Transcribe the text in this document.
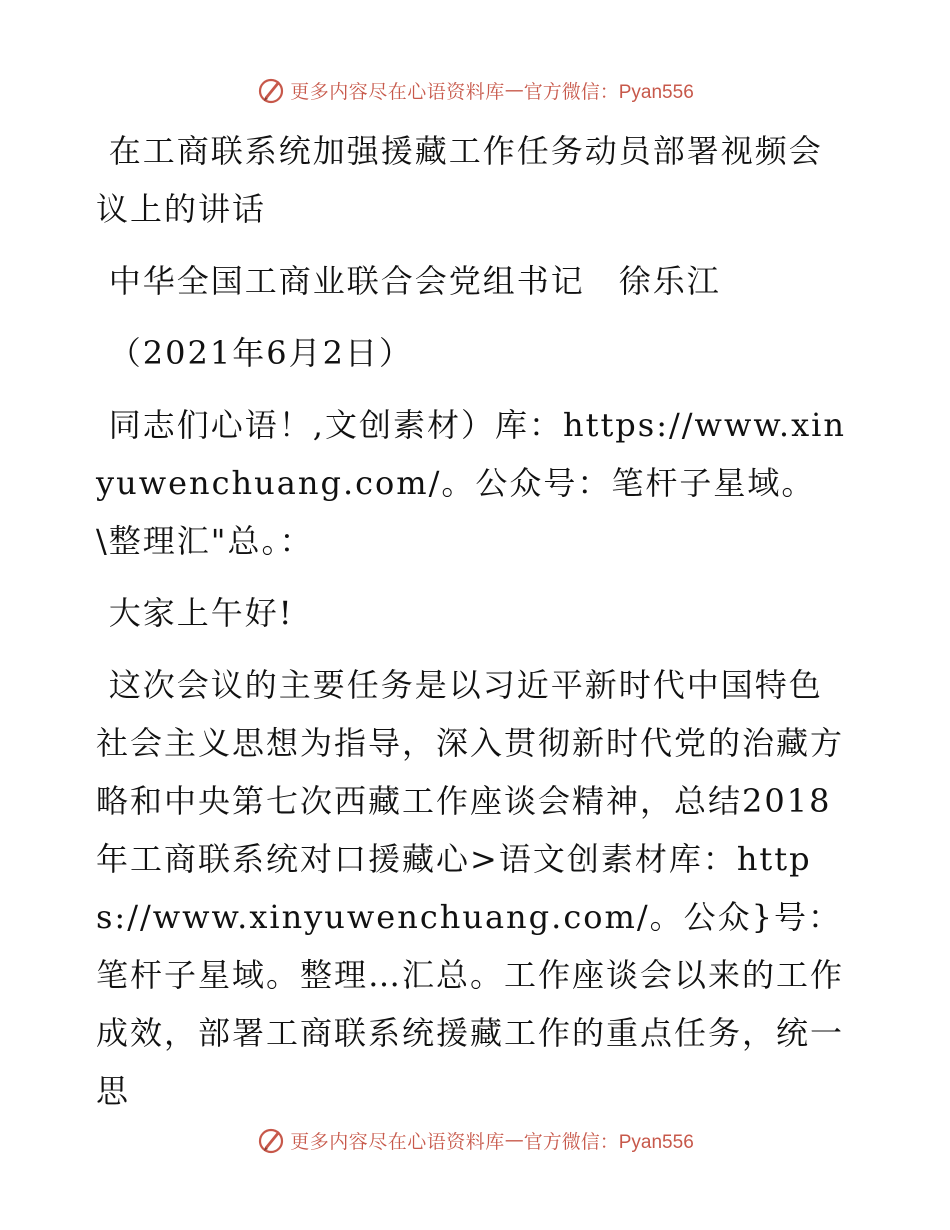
更多内容尽在心语资料库 — 官方微信：Pyan556

在工商联系统加强援藏工作任务动员部署视频会议上的讲话

中华全国工商业联合会党组书记　徐乐江

（2021年6月2日）

同志们心语！,文创素材）库：https://www.xinyuwenchuang.com/。公众号：笔杆子星域。\整理汇"总。：

大家上午好!

这次会议的主要任务是以习近平新时代中国特色社会主义思想为指导，深入贯彻新时代党的治藏方略和中央第七次西藏工作座谈会精神，总结2018年工商联系统对口援藏心>语文创素材库：https://www.xinyuwenchuang.com/。公众}号：笔杆子星域。整理…汇总。工作座谈会以来的工作成效，部署工商联系统援藏工作的重点任务，统一思

更多内容尽在心语资料库 — 官方微信：Pyan556
